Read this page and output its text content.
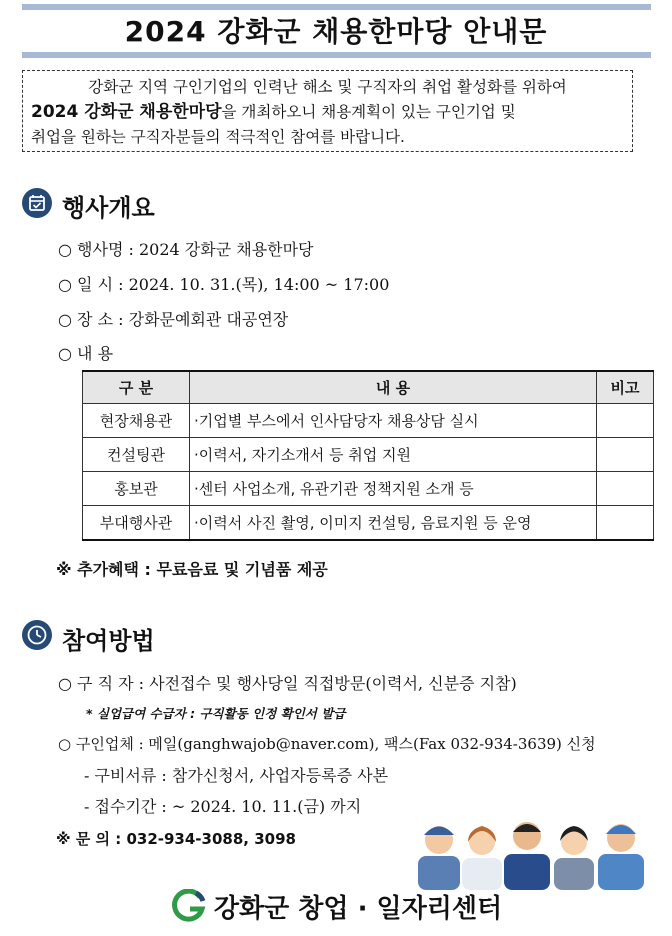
2024 강화군 채용한마당 안내문
강화군 지역 구인기업의 인력난 해소 및 구직자의 취업 활성화를 위하여
2024 강화군 채용한마당을 개최하오니 채용계획이 있는 구인기업 및
취업을 원하는 구직자분들의 적극적인 참여를 바랍니다.
행사개요
○ 행사명 : 2024 강화군 채용한마당
○ 일 시 : 2024. 10. 31.(목), 14:00 ~ 17:00
○ 장 소 : 강화문예회관 대공연장
○ 내 용
구 분	내 용	비고
현장채용관	·기업별 부스에서 인사담당자 채용상담 실시	
컨설팅관	·이력서, 자기소개서 등 취업 지원	
홍보관	·센터 사업소개, 유관기관 정책지원 소개 등	
부대행사관	·이력서 사진 촬영, 이미지 컨설팅, 음료지원 등 운영	
※ 추가혜택 : 무료음료 및 기념품 제공
참여방법
○ 구 직 자 : 사전접수 및 행사당일 직접방문(이력서, 신분증 지참)
* 실업급여 수급자 : 구직활동 인정 확인서 발급
○ 구인업체 : 메일(ganghwajob@naver.com), 팩스(Fax 032-934-3639) 신청
- 구비서류 : 참가신청서, 사업자등록증 사본
- 접수기간 : ~ 2024. 10. 11.(금) 까지
※ 문 의 : 032-934-3088, 3098
강화군 창업 · 일자리센터
